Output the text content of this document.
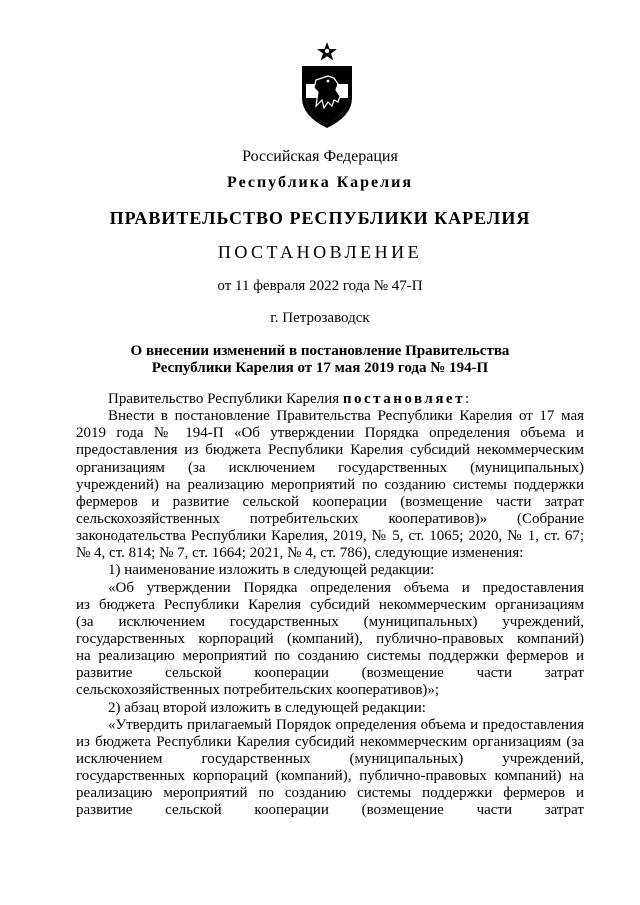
Российская Федерация
Республика Карелия
ПРАВИТЕЛЬСТВО РЕСПУБЛИКИ КАРЕЛИЯ
ПОСТАНОВЛЕНИЕ
от 11 февраля 2022 года № 47-П
г. Петрозаводск
О внесении изменений в постановление Правительства
Республики Карелия от 17 мая 2019 года № 194-П
Правительство Республики Карелия постановляет:
Внести в постановление Правительства Республики Карелия от 17 мая
2019 года № 194-П «Об утверждении Порядка определения объема и
предоставления из бюджета Республики Карелия субсидий некоммерческим
организациям (за исключением государственных (муниципальных)
учреждений) на реализацию мероприятий по созданию системы поддержки
фермеров и развитие сельской кооперации (возмещение части затрат
сельскохозяйственных потребительских кооперативов)» (Собрание
законодательства Республики Карелия, 2019, № 5, ст. 1065; 2020, № 1, ст. 67;
№ 4, ст. 814; № 7, ст. 1664; 2021, № 4, ст. 786), следующие изменения:
1) наименование изложить в следующей редакции:
«Об утверждении Порядка определения объема и предоставления
из бюджета Республики Карелия субсидий некоммерческим организациям
(за исключением государственных (муниципальных) учреждений,
государственных корпораций (компаний), публично-правовых компаний)
на реализацию мероприятий по созданию системы поддержки фермеров и
развитие сельской кооперации (возмещение части затрат
сельскохозяйственных потребительских кооперативов)»;
2) абзац второй изложить в следующей редакции:
«Утвердить прилагаемый Порядок определения объема и предоставления
из бюджета Республики Карелия субсидий некоммерческим организациям (за
исключением государственных (муниципальных) учреждений,
государственных корпораций (компаний), публично-правовых компаний) на
реализацию мероприятий по созданию системы поддержки фермеров и
развитие сельской кооперации (возмещение части затрат
